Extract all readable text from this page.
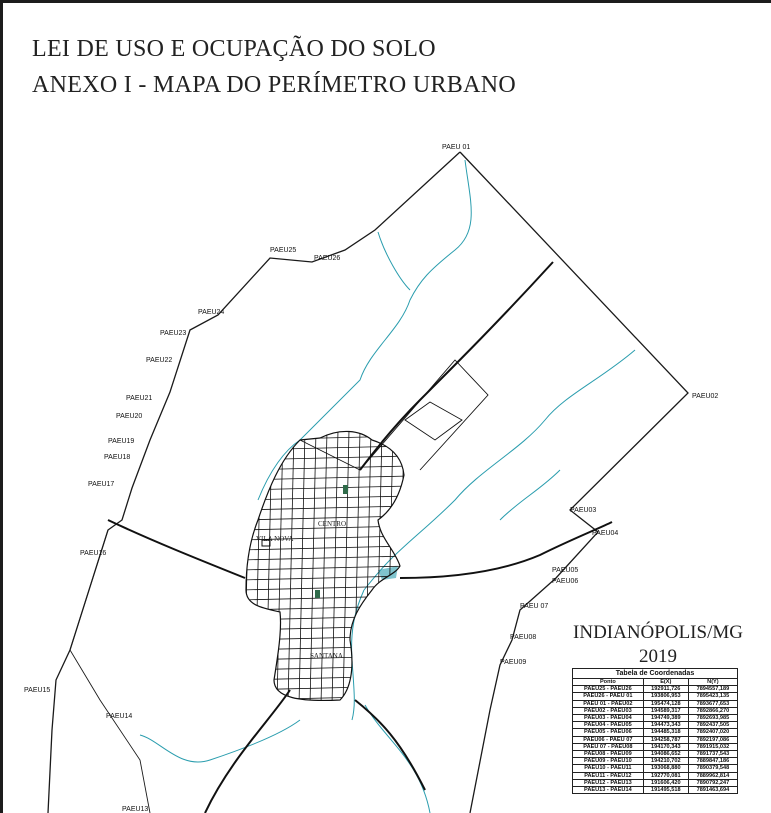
LEI DE USO E OCUPAÇÃO DO SOLO
ANEXO I - MAPA DO PERÍMETRO URBANO
CENTRO
VILA NOVA
SANTANA
PAEU 01
PAEU02
PAEU03
PAEU04
PAEU05
PAEU06
PAEU 07
PAEU08
PAEU09
PAEU13
PAEU14
PAEU15
PAEU16
PAEU17
PAEU18
PAEU19
PAEU20
PAEU21
PAEU22
PAEU23
PAEU24
PAEU25
PAEU26
INDIANÓPOLIS/MG
2019
Tabela de Coordenadas		
Ponto	E(X)	N(Y)
PAEU25 - PAEU26	192911,726	7894557,189
PAEU26 - PAEU 01	193806,953	7895423,135
PAEU 01 - PAEU02	195474,128	7893677,653
PAEU02 - PAEU03	194589,317	7892866,270
PAEU03 - PAEU04	194749,389	7892693,985
PAEU04 - PAEU05	194473,343	7892437,505
PAEU05 - PAEU06	194485,318	7892407,020
PAEU06 - PAEU 07	194258,787	7892197,086
PAEU 07 - PAEU08	194170,343	7891915,032
PAEU08 - PAEU09	194086,652	7891737,543
PAEU09 - PAEU10	194210,702	7889847,186
PAEU10 - PAEU11	193068,880	7890379,548
PAEU11 - PAEU12	192770,081	7889962,814
PAEU12 - PAEU13	191606,420	7890792,247
PAEU13 - PAEU14	191495,518	7891463,694
